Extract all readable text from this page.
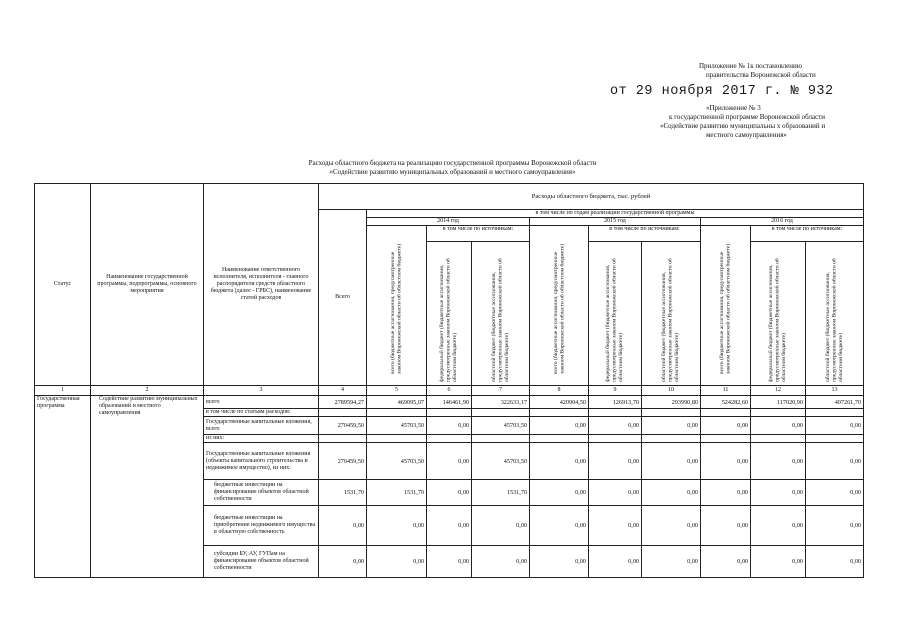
Приложение № 1к постановлению
правительства Воронежской области
от 29 ноября 2017 г. № 932
«Приложение № 3
к государственной программе Воронежской области
«Содействие развитию муниципальны х образований и
местного самоуправления»
Расходы областного бюджета на реализацию государственной программы Воронежской области
«Содействие развитию муниципальных образований и местного самоуправления»
Статус	Наименование государственной программы, подпрограммы, основного мероприятия	Наименование ответственного исполнителя, исполнителя - главного распорядителя средств областного бюджета (далее - ГРБС), наименование статей расходов	Расходы областного бюджета, тыс. рублей									
			Всего	в том числе по годам реализации государственной программы								
				2014 год			2015 год			2016 год		
				всего (бюджетные ассигнования, предусмотренные законом Воронежской области об областном бюджете)	в том числе по источникам:		всего (бюджетные ассигнования, предусмотренные законом Воронежской области об областном бюджете)	в том числе по источникам:		всего (бюджетные ассигнования, предусмотренные законом Воронежской области об областном бюджете)	в том числе по источникам:	
					федеральный бюджет (бюджетные ассигнования, предусмотренные законом Воронежской области об областном бюджете)	областной бюджет (бюджетные ассигнования, предусмотренные законом Воронежской области об областном бюджете)		федеральный бюджет (бюджетные ассигнования, предусмотренные законом Воронежской области об областном бюджете)	областной бюджет (бюджетные ассигнования, предусмотренные законом Воронежской области об областном бюджете)		федеральный бюджет (бюджетные ассигнования, предусмотренные законом Воронежской области об областном бюджете)	областной бюджет (бюджетные ассигнования, предусмотренные законом Воронежской области об областном бюджете)
1	2	3	4	5	6	7	8	9	10	11	12	13
Государственная программа	Содействие развитию муниципальных образований и местного самоуправления	всего	2789594,27	469095,07	146461,90	322633,17	420904,50	126913,70	293990,80	524282,60	117020,90	407261,70
		в том числе по статьям расходов:										
		Государственные капитальные вложения, всего	270459,50	45703,50	0,00	45703,50	0,00	0,00	0,00	0,00	0,00	0,00
		из них:										
		Государственные капитальные вложения (объекты капитального строительства и недвижимое имущество), из них:	270459,50	45703,50	0,00	45703,50	0,00	0,00	0,00	0,00	0,00	0,00
		бюджетные инвестиции на финансирование объектов областной собственности	1531,70	1531,70	0,00	1531,70	0,00	0,00	0,00	0,00	0,00	0,00
		бюджетные инвестиции на приобретение недвижимого имущества в областную собственность	0,00	0,00	0,00	0,00	0,00	0,00	0,00	0,00	0,00	0,00
		субсидии БУ, АУ, ГУПам на финансирование объектов областной собственности	0,00	0,00	0,00	0,00	0,00	0,00	0,00	0,00	0,00	0,00
